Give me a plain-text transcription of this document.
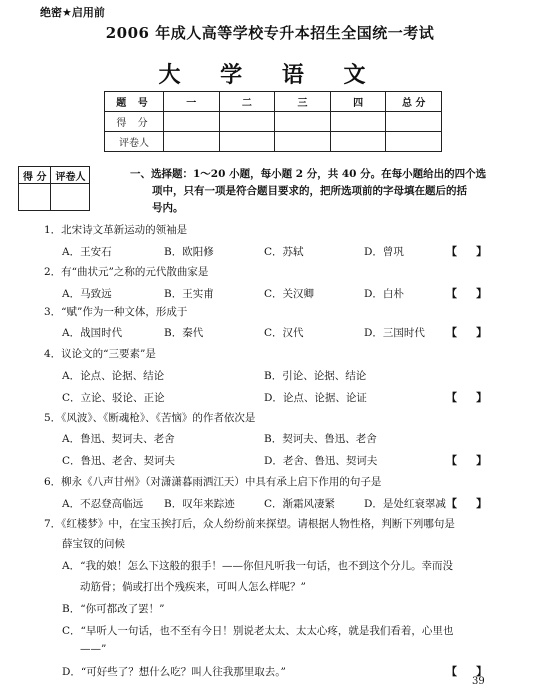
绝密★启用前
2006 年成人高等学校专升本招生全国统一考试
大 学 语 文
题 号	一	二	三	四	总 分
得 分					
评卷人					
得 分	评卷人
		一、选择题：1～20 小题，每小题 2 分，共 40 分。在每小题给出的四个选
项中，只有一项是符合题目要求的，把所选项前的字母填在题后的括
号内。
1．北宋诗文革新运动的领袖是
A．王安石	B．欧阳修	C．苏轼	D．曾巩	【     】
2．有“曲状元”之称的元代散曲家是
A．马致远	B．王实甫	C．关汉卿	D．白朴	【     】
3．“赋”作为一种文体，形成于
A．战国时代	B．秦代	C．汉代	D．三国时代 【     】
4．议论文的“三要素”是
A．论点、论据、结论	B．引论、论据、结论
C．立论、驳论、正论	D．论点、论据、论证	【     】
5．《风波》、《断魂枪》、《苦恼》的作者依次是
A．鲁迅、契诃夫、老舍	B．契诃夫、鲁迅、老舍
C．鲁迅、老舍、契诃夫	D．老舍、鲁迅、契诃夫	【     】
6．柳永《八声甘州》（对潇潇暮雨洒江天）中具有承上启下作用的句子是
A．不忍登高临远 B．叹年来踪迹	C．渐霜风凄紧	D．是处红衰翠减 【     】
7．《红楼梦》中，在宝玉挨打后，众人纷纷前来探望。请根据人物性格，判断下列哪句是
薛宝钗的问候
A．“我的娘！怎么下这般的狠手！——你但凡听我一句话，也不到这个分儿。幸而没
动筋骨；倘或打出个残疾来，可叫人怎么样呢？”
B．“你可都改了罢！”
C．“早听人一句话，也不至有今日！别说老太太、太太心疼，就是我们看着，心里也
——”
D．“可好些了？想什么吃？叫人往我那里取去。”	【     】
39
